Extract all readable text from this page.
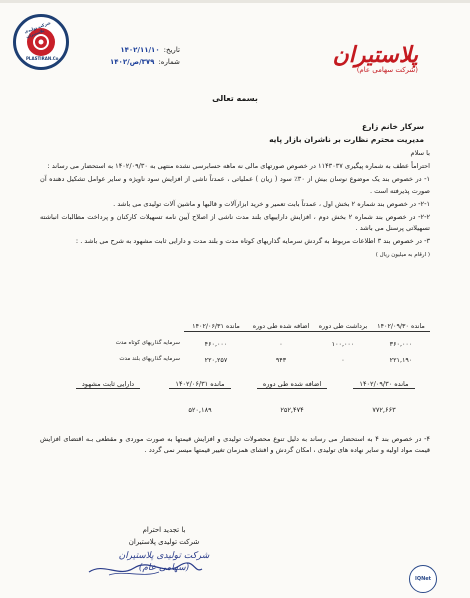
شرکت تولیدی پلاستیران
PLASTIRAN.Co
تاریخ:
۱۴۰۲/۱۱/۱۰
شماره:
۳۷۹/ص/۱۴۰۲	پلاستیران
(شرکت سهامی عام)
بسمه تعالی
سرکار خانم زارع
مدیریت محترم نظارت بر ناشران بازار پایه

با سلام

احتراماً عطف به شماره پیگیری ۱۱۴۳۰۳۷ در خصوص صورتهای مالی نه ماهه حسابرسی نشده منتهی به ۱۴۰۲/۰۹/۳۰ به استحضار می رساند :

۱- در خصوص بند یک موضوع نوسان بیش از ۳۰٪ سود ( زیان ) عملیاتی ، عمدتاً ناشی از افزایش سود ناویژه و سایر عوامل تشکیل دهنده آن صورت پذیرفته است .

۲-۱- در خصوص بند شماره ۲ بخش اول ، عمدتاً بابت تعمیر و خرید ابزارآلات و قالبها و ماشین آلات تولیدی می باشد .

۲-۲- در خصوص بند شماره ۲ بخش دوم ، افزایش داراییهای بلند مدت ناشی از اصلاح آیین نامه تسهیلات کارکنان و پرداخت مطالبات انباشته تسهیلاتی پرسنل می باشد .

۳- در خصوص بند ۳ اطلاعات مربوط به گردش سرمایه گذاریهای کوتاه مدت و بلند مدت و دارایی ثابت مشهود به شرح می باشد . :

( ارقام به میلیون ریال )

مانده ۱۴۰۲/۰۹/۳۰
برداشت طی دوره
اضافه شده طی دوره
مانده ۱۴۰۲/۰۶/۳۱
۳۶۰,۰۰۰
۱۰۰,۰۰۰
۰
۴۶۰,۰۰۰
سرمایه گذاریهای کوتاه مدت
۲۲۱,۱۹۰
۰
۹۴۳
۲۲۰,۲۵۷
سرمایه گذاریهای بلند مدت
مانده ۱۴۰۲/۰۹/۳۰
اضافه شده طی دوره
مانده ۱۴۰۲/۰۶/۳۱
دارایی ثابت مشهود
۷۷۲,۶۶۳
۲۵۲,۴۷۴
۵۲۰,۱۸۹
۴- در خصوص بند ۴ به استحضار می رساند به دلیل تنوع محصولات تولیدی و افزایش قیمتها به صورت موردی و مقطعی بـه اقتضای افزایش قیمت مواد اولیه و سایر نهاده های تولیدی ، امکان گردش و افشای همزمان تغییر قیمتها میسر نمی گردد .
با تجدید احترام
شرکت تولیدی پلاستیران
شرکت تولیدی پلاستیران (سهامی عام)
IQNet
